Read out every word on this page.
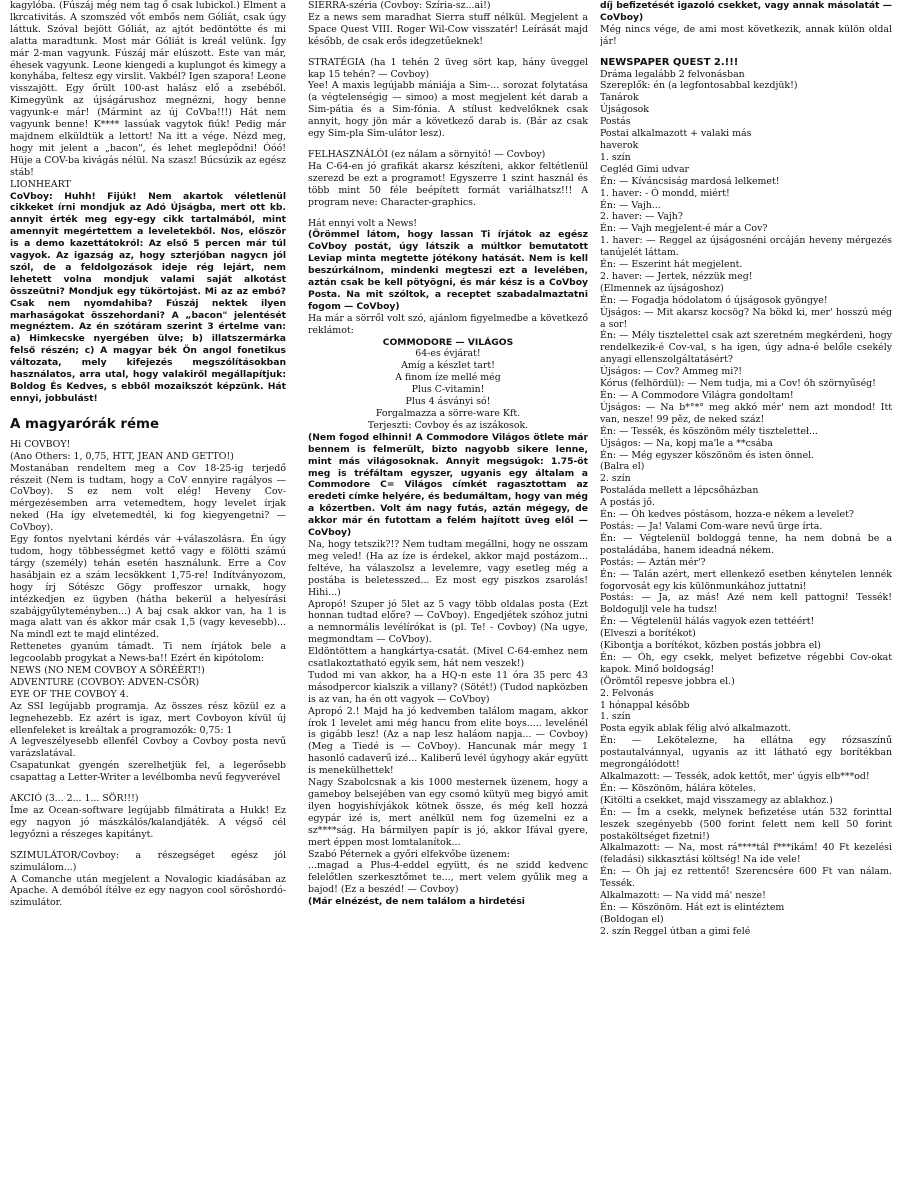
kagylóba. (Fúszáj még nem tag ő csak lubickol.) Elment a lkrcativitás. A szomszéd vőt embős nem Góliát, csak úgy láttuk. Szóval bejött Góliát, az ajtót bedöntötte és mi alatta maradtunk. Most már Góliát is kreál velünk. Így már 2-man vagyunk. Fúszáj már elúszott. Este van már, éhesek vagyunk. Leone kiengedi a kuplungot és kimegy a konyhába, feltesz egy virslit. Vakbél? Igen szapora! Leone visszajött. Egy őrült 100-ast halász elő a zsebéből. Kimegyünk az újságárushoz megnézni, hogy benne vagyunk-e már! (Mármint az új CoVba!!!) Hát nem vagyunk benne! K**** lassúak vagytok fiúk! Pedig már majdnem elküldtük a lettort! Na itt a vége. Nézd meg, hogy mit jelent a „bacon", és lehet meglepődni! Óóó! Hüje a COV-ba kivágás nélül. Na szasz! Búcsúzik az egész stáb!

LIONHEART

CoVboy: Huhh! Fijúk! Nem akartok véletlenül cikkeket írni mondjuk az Adó Újságba, mert ott kb. annyit érték meg egy-egy cikk tartalmából, mint amennyit megértettem a leveletekből. Nos, először is a demo kazettátokról: Az első 5 percen már túl vagyok. Az igazság az, hogy szterjóban nagycn jól szól, de a feldolgozások ideje rég lejárt, nem lehetett volna mondjuk valami saját alkotást összeütni? Mondjuk egy tükörtojást. Mi az az embó? Csak nem nyomdahiba? Fúszáj nektek ilyen marhaságokat összehordani? A „bacon" jelentését megnéztem. Az én szótáram szerint 3 értelme van: a) Himkecske nyergében ülve; b) illatszermárka felső részén; c) A magyar bék Ön angol fonetikus változata, mely kifejezés megszólításokban használatos, arra utal, hogy valakiről megállapítjuk: Boldog És Kedves, s ebből mozaikszót képzünk. Hát ennyi, jobbulást!

A magyarórák réme

Hi COVBOY!

(Ano Others: 1, 0,75, HTT, JEAN AND GETTO!)

Mostanában rendeltem meg a Cov 18-25-ig terjedő részeit (Nem is tudtam, hogy a CoV ennyire ragályos — CoVboy). S ez nem volt elég! Heveny Cov-mérgezésemben arra vetemedtem, hogy levelet írjak neked (Ha így elvetemedtél, ki fog kiegyengetni? — CoVboy).

Egy fontos nyelvtani kérdés vár +válaszolásra. Én úgy tudom, hogy többességmet kettő vagy e fölötti számú tárgy (személy) tehán esetén használunk. Erre a Cov hasábjain ez a szám lecsökkent 1,75-re! Indítványozom, hogy írj Sótészc Gögy proffeszor urnakk, hogy intézkedjen ez ügyben (hátha bekerül a helyesírási szabájgyűlyteményben...) A baj csak akkor van, ha 1 is maga alatt van és akkor már csak 1,5 (vagy kevesebb)... Na mindl ezt te majd elintézed.

Rettenetes gyanúm támadt. Ti nem írjátok bele a legcoolabb progykat a News-ba!! Ezért én kipótolom:

NEWS (NO NEM COVBOY A SÖRÉÉRT!)

ADVENTURE (COVBOY: ADVEN-CSÖR)

EYE OF THE COVBOY 4.

Az SSI legújabb programja. Az összes rész közül ez a legnehezebb. Ez azért is igaz, mert Covboyon kívül új ellenfeleket is kreáltak a programozók: 0,75: 1

A legveszélyesebb ellenfél Covboy a Covboy posta nevű varázslatával.

Csapatunkat gyengén szerelhetjük fel, a legerősebb csapattag a Letter-Writer a levélbomba nevű fegyverével

AKCIÓ (3... 2... 1... SÖR!!!)

Íme az Ocean-software legújabb filmátirata a Hukk! Ez egy nagyon jó mászkálós/kalandjáték. A végső cél legyőzni a részeges kapitányt.

SZIMULÁTOR/Covboy: a részegséget egész jól szimulálom...)

A Comanche után megjelent a Novalogic kiadásában az Apache. A demóból ítélve ez egy nagyon cool sörőshordó-szimulátor.

SIERRA-széria (Covboy: Szíria-sz...ai!)

Ez a news sem maradhat Sierra stuff nélkül. Megjelent a Space Quest VIII. Roger Wil-Cow visszatér! Leírását majd később, de csak erős idegzetűeknek!

STRATÉGIA (ha 1 tehén 2 üveg sört kap, hány üveggel kap 15 tehén? — Covboy)

Yee! A maxis legújabb mániája a Sim-... sorozat folytatása (a végtelenségig — simoo) a most megjelent két darab a Sim-pátia és a Sim-fónia. A stílust kedvelőknek csak annyit, hogy jön már a következő darab is. (Bár az csak egy Sim-pla Sim-ulátor lesz).

FELHASZNÁLÓI (ez nálam a sörnyitó! — Covboy)

Ha C-64-en jó grafikát akarsz készíteni, akkor feltétlenül szerezd be ezt a programot! Egyszerre 1 szint használ és több mint 50 féle beépített formát variálhatsz!!! A program neve: Character-graphics.

Hát ennyi volt a News!

(Örömmel látom, hogy lassan Ti írjátok az egész CoVboy postát, úgy látszik a múltkor bemutatott Leviap minta megtette jótékony hatását. Nem is kell beszúrkálnom, mindenki megteszi ezt a levelében, aztán csak be kell pötyögni, és már kész is a CoVboy Posta. Na mit szóltok, a receptet szabadalmaztatni fogom — CoVboy)

Ha már a sörről volt szó, ajánlom figyelmedbe a következő reklámot:

COMMODORE — VILÁGOS

64-es évjárat!

Amíg a készlet tart!

A finom íze mellé még

Plus C-vitamin!

Plus 4 ásványi só!

Forgalmazza a sörre-ware Kft.

Terjeszti: Covboy és az iszákosok.

(Nem fogod elhinni! A Commodore Világos ötlete már bennem is felmerült, bizto nagyobb sikere lenne, mint más világosoknak. Annyit megsúgok: 1.75-öt meg is tréfáltam egyszer, ugyanis egy általam a Commodore C= Világos címkét ragasztottam az eredeti címke helyére, és bedumáltam, hogy van még a kőzertben. Volt ám nagy futás, aztán mégegy, de akkor már én futottam a felém hajított üveg elől — CoVboy)

Na, hogy tetszik?!? Nem tudtam megállni, hogy ne osszam meg veled! (Ha az íze is érdekel, akkor majd postázom... feltéve, ha válaszolsz a levelemre, vagy esetleg még a postába is beletesszed... Ez most egy piszkos zsarolás! Hihi...)

Apropó! Szuper jó 5let az 5 vagy több oldalas posta (Ezt honnan tudtad előre? — CoVboy). Engedjétek szóhoz jutni a nemnormális levélírókat is (pl. Te! - Covboy) (Na ugye, megmondtam — CoVboy).

Eldöntöttem a hangkártya-csatát. (Mivel C-64-emhez nem csatlakoztatható egyik sem, hát nem veszek!)

Tudod mi van akkor, ha a HQ-n este 11 óra 35 perc 43 másodpercor kialszik a villany? (Sötét!) (Tudod napközben is az van, ha én ott vagyok — CoVboy)

Apropó 2.! Majd ha jó kedvemben találom magam, akkor írok 1 levelet ami még hancu from elite boys..... levelénél is gigább lesz! (Az a nap lesz haláom napja... — Covboy) (Meg a Tiedé is — CoVboy). Hancunak már megy 1 hasonló cadaverű izé... Kaliberű levél úgyhogy akár együtt is menekülhettek!

Nagy Szabolcsnak a kis 1000 mesternek üzenem, hogy a gameboy belsejében van egy csomó kütyü meg bigyó amit ilyen hogyishívjákok kötnek össze, és még kell hozzá egypár izé is, mert anélkül nem fog üzemelni ez a sz****ság. Ha bármilyen papír is jó, akkor Ifával gyere, mert éppen most lomtalanítok...

Szabó Péternek a győri elfekvőbe üzenem:

...magad a Plus-4-eddel együtt, és ne szidd kedvenc felelőtlen szerkesztőmet te..., mert velem gyűlik meg a bajod! (Ez a beszéd! — Covboy)

(Már elnézést, de nem találom a hirdetési

díj befizetését igazoló csekket, vagy annak másolatát — CoVboy)

Még nincs vége, de ami most következik, annak külön oldal jár!

NEWSPAPER QUEST 2.!!!

Dráma legalább 2 felvonásban

Szereplők: én (a legfontosabbal kezdjük!)

Tanárok

Újságosok

Postás

Postai alkalmazott + valaki más

haverok

1. szín

Cegléd Gimi udvar

Én: — Kíváncsiság mardosá lelkemet!

1. haver: - Ó mondd, miért!

Én: — Vajh...

2. haver: — Vajh?

Én: — Vajh megjelent-é már a Cov?

1. haver: — Reggel az újságosnéni orcáján heveny mérgezés tanújelét láttam.

Én: — Eszerint hát megjelent.

2. haver: — Jertek, nézzük meg!

(Elmennek az újságoshoz)

Én: — Fogadja hódolatom ó újságosok gyöngye!

Újságos: — Mit akarsz kocsög? Na bökd ki, mer' hosszú még a sor!

Én: — Mély tisztelettel csak azt szeretném megkérdeni, hogy rendelkezik-é Cov-val, s ha igen, úgy adna-é belőle csekély anyagi ellenszolgáltatásért?

Újságos: — Cov? Ammeg mi?!

Kórus (felhördül): — Nem tudja, mi a Cov! óh szörnyűség!

Én: — A Commodore Világra gondoltam!

Újságos: — Na b*°*° meg akkó mér' nem azt mondod! Itt van, nesze! 99 pěz, de neked száz!

Én: — Tessék, és köszönöm mély tiszteletteł...

Újságos: — Na, kopj ma'le a **csába

Én: — Még egyszer köszönöm és isten önnel.

(Balra el)

2. szín

Postaláda mellett a lépcsőházban

A postás jő.

Én: — Óh kedves póstásom, hozza-e nékem a levelet?

Postás: — Ja! Valami Com-ware nevű ürge írta.

Én: — Végtelenül boldoggá tenne, ha nem dobná be a postaládába, hanem ideadná nékem.

Postás: — Aztán mér'?

Én: — Talán azért, mert ellenkező esetben kénytelen lennék fogorvosát egy kis különmunkához juttatni!

Postás: — Ja, az más! Azé nem kell pattogni! Tessék! Boldoguljl vele ha tudsz!

Én: — Végtelenül hálás vagyok ezen tettéért!

(Elveszi a borítékot)

(Kibontja a borítékot, közben postás jobbra el)

Én: — Óh, egy csekk, melyet befizetve régebbi Cov-okat kapok. Minő boldogság!

(Örömtől repesve jobbra el.)

2. Felvonás

1 hónappal később

1. szín

Posta egyik ablak félig alvó alkalmazott.

Én: — Lekötelezne, ha ellátna egy rózsaszínű postautalvánnyal, ugyanis az itt látható egy borítékban megrongálódott!

Alkalmazott: — Tessék, adok kettőt, mer' úgyis elb***od!

Én: — Köszönöm, hálára köteles.

(Kitölti a csekket, majd visszamegy az ablakhoz.)

Én: — Ím a csekk, melynek befizetése után 532 forinttal leszek szegényebb (500 forint felett nem kell 50 forint postaköltséget fizetni!)

Alkalmazott: — Na, most rá****tál f***ikám! 40 Ft kezelési (feladási) sikkasztási költség! Na ide vele!

Én: — Óh jaj ez rettentő! Szerencsére 600 Ft van nálam. Tessék.

Alkalmazott: — Na vidd má' nesze!

Én: — Köszönöm. Hát ezt is elintéztem

(Boldogan el)

2. szín Reggel útban a gimi felé
